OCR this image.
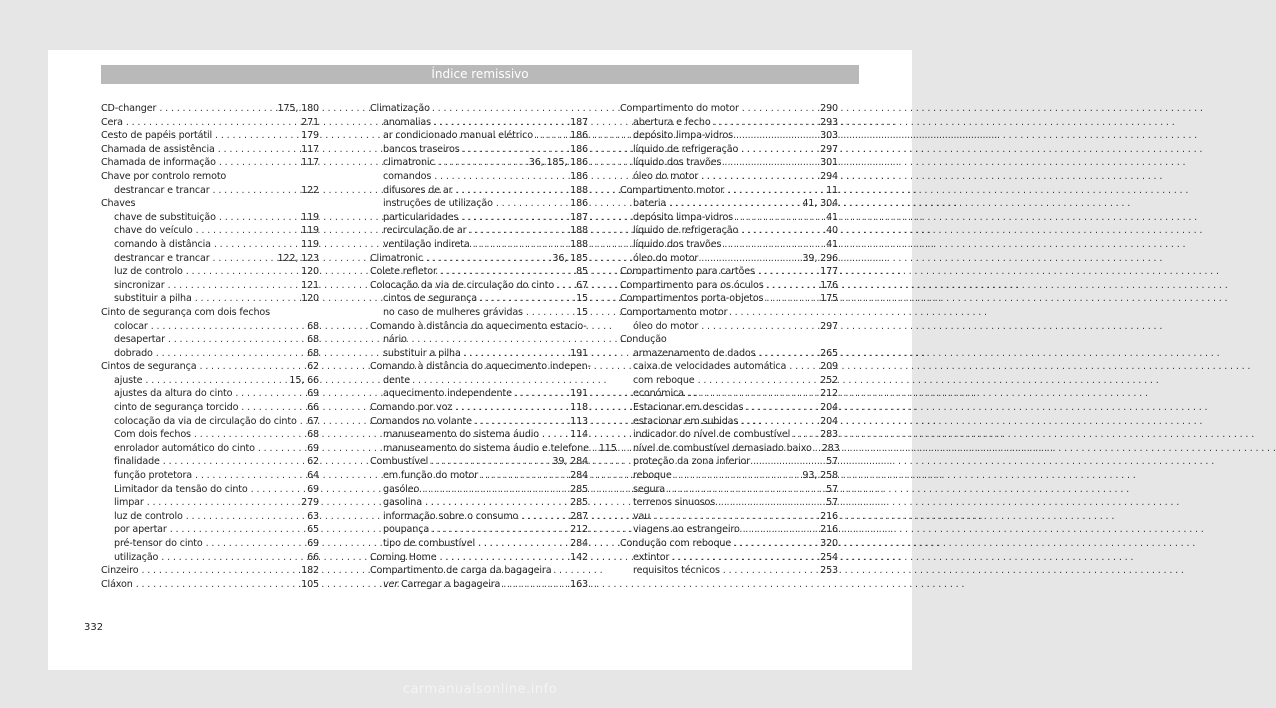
Índice remissivo
CD-changer . . .	175, 180
Cera . . .	271
Cesto de papéis portátil . . .	179
Chamada de assistência . . .	117
Chamada de informação . . .	117
Chave por controlo remoto
destrancar e trancar . . .	122
Chaves
chave de substituição . . .	119
chave do veículo . . .	119
comando à distância . . .	119
destrancar e trancar . . .	122, 123
luz de controlo . . .	120
sincronizar . . .	121
substituir a pilha . . .	120
Cinto de segurança com dois fechos
colocar . . .	68
desapertar . . .	68
dobrado . . .	68
Cintos de segurança . . .	62
ajuste . . .	15, 66
ajustes da altura do cinto . . .	69
cinto de segurança torcido . . .	66
colocação da via de circulação do cinto . . . 67
Com dois fechos . . .	68
enrolador automático do cinto . . .	69
finalidade . . .	62
função protetora . . .	64
Limitador da tensão do cinto . . .	69
limpar . . .	279
luz de controlo . . .	63
por apertar . . .	65
pré-tensor do cinto . . .	69
utilização . . .	66
Cinzeiro . . .	182
Cláxon . . .	105
Climatização
anomalias . . .	187
ar condicionado manual elétrico . . .	186
bancos traseiros . . .	186
climatronic . . .	36, 185, 186
comandos . . .	186
difusores de ar . . .	188
instruções de utilização . . .	186
particularidades . . .	187
recirculação de ar . . .	188
ventilação indireta . . .	188
Climatronic . . .	36, 185
Colete refletor . . .	85
Colocação da via de circulação do cinto . . . 67
cintos de segurança . . .	15
no caso de mulheres grávidas . . .	15
Comando à distância do aquecimento estacio-
nário
substituir a pilha . . .	191
Comando à distância do aquecimento indepen-
dente
aquecimento independente . . .	191
Comando por voz . . .	118
Comandos no volante . . .	113
manuseamento do sistema áudio . . .	114
manuseamento do sistema áudio e telefone . . . 115
Combustível . . .	39, 284
em função do motor . . .	284
gasóleo . . .	285
gasolina . . .	285
informação sobre o consumo . . .	287
poupança . . .	212
tipo de combustível . . .	284
Coming Home . . .	142
Compartimento de carga da bagageira
ver
Carregar a bagageira . . .	163
Compartimento do motor . . .	290
abertura e fecho . . .	293
depósito limpa-vidros . . .	303
líquido de refrigeração . . .	297
líquido dos travões . . .	301
óleo do motor . . .	294
Compartimento motor . . .	11
bateria . . .	41, 304
depósito limpa-vidros . . .	41
líquido de refrigeração . . .	40
líquido dos travões . . .	41
óleo do motor . . .	39, 296
Compartimento para cartões . . .	177
Compartimento para os óculos . . .	176
Compartimentos porta-objetos . . .	175
Comportamento motor
óleo do motor . . .	297
Condução
armazenamento de dados . . .	265
caixa de velocidades automática . . .	209
com reboque . . .	252
económica . . .	212
Estacionar em descidas . . .	204
estacionar em subidas . . .	204
indicador do nível de combustível . . .	283
nível de combustível demasiado baixo . . . 283
proteção da zona inferior . . .	57
reboque . . .	93, 258
segura . . .	57
terrenos sinuosos . . .	57
vau . . .	216
viagens ao estrangeiro . . .	216
Condução com reboque . . .	320
extintor . . .	254
requisitos técnicos . . .	253
332
carmanualsonline.info
